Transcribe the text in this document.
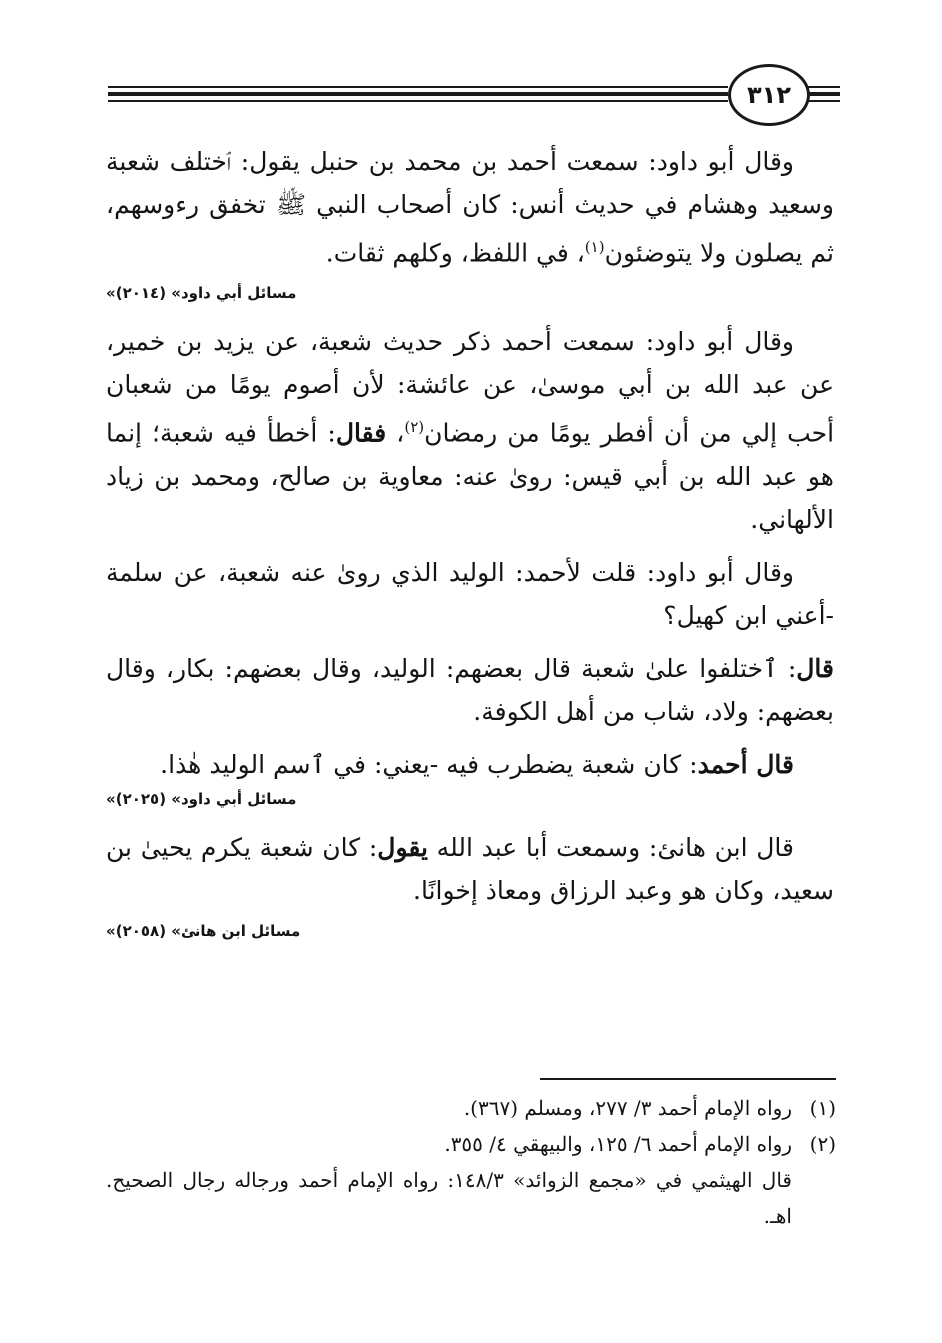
٣١٢

وقال أبو داود: سمعت أحمد بن محمد بن حنبل يقول: ٱختلف شعبة وسعيد وهشام في حديث أنس: كان أصحاب النبي ﷺ تخفق رءوسهم، ثم يصلون ولا يتوضئون$^{(١)}$، في اللفظ، وكلهم ثقات.

«مسائل أبي داود» (٢٠١٤)

وقال أبو داود: سمعت أحمد ذكر حديث شعبة، عن يزيد بن خمير، عن عبد الله بن أبي موسىٰ، عن عائشة: لأن أصوم يومًا من شعبان أحب إلي من أن أفطر يومًا من رمضان$^{(٢)}$، فقال: أخطأ فيه شعبة؛ إنما هو عبد الله بن أبي قيس: روىٰ عنه: معاوية بن صالح، ومحمد بن زياد الألهاني.

وقال أبو داود: قلت لأحمد: الوليد الذي روىٰ عنه شعبة، عن سلمة -أعني ابن كهيل؟

قال: ٱختلفوا علىٰ شعبة قال بعضهم: الوليد، وقال بعضهم: بكار، وقال بعضهم: ولاد، شاب من أهل الكوفة.

قال أحمد: كان شعبة يضطرب فيه -يعني: في ٱسم الوليد هٰذا.

«مسائل أبي داود» (٢٠٢٥)

قال ابن هانئ: وسمعت أبا عبد الله يقول: كان شعبة يكرم يحيىٰ بن سعيد، وكان هو وعبد الرزاق ومعاذ إخوانًا.

«مسائل ابن هانئ» (٢٠٥٨)
(١)
رواه الإمام أحمد ٣/ ٢٧٧، ومسلم (٣٦٧).
(٢)
رواه الإمام أحمد ٦/ ١٢٥، والبيهقي ٤/ ٣٥٥.
قال الهيثمي في «مجمع الزوائد» ١٤٨/٣: رواه الإمام أحمد ورجاله رجال الصحيح. اهـ.
